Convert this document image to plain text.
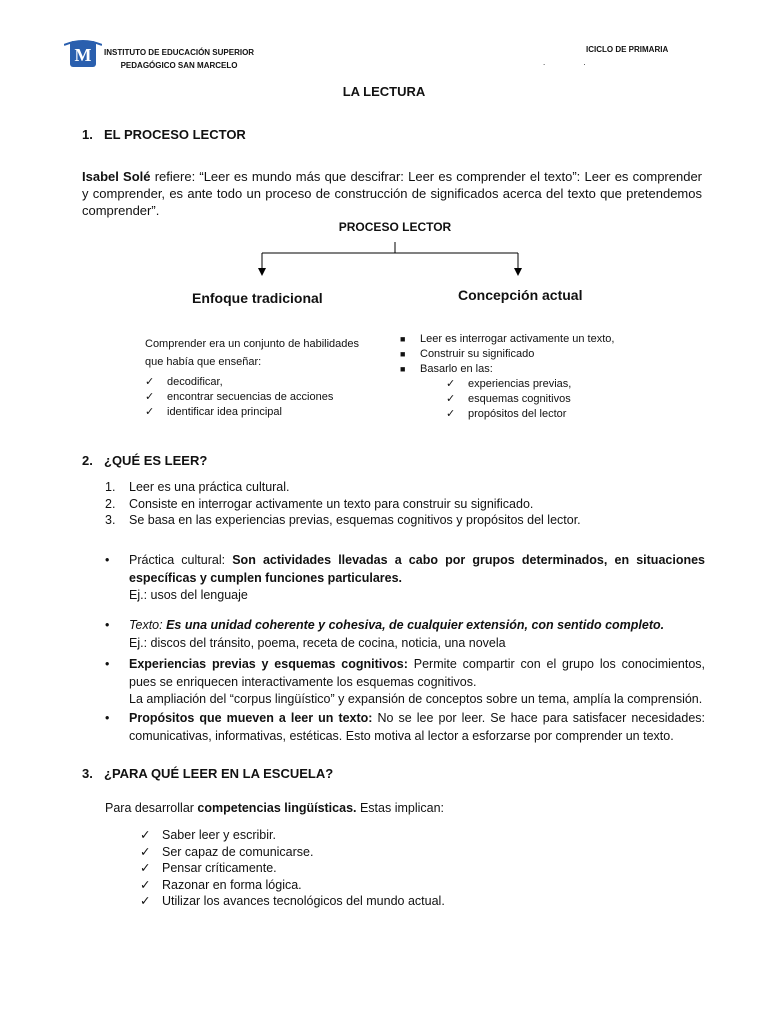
M INSTITUTO DE EDUCACIÓN SUPERIOR
PEDAGÓGICO SAN MARCELO
ICICLO DE PRIMARIA
..
LA LECTURA
1. EL PROCESO LECTOR
Isabel Solé refiere: “Leer es mundo más que descifrar: Leer es comprender el texto”: Leer es comprender y comprender, es ante todo un proceso de construcción de significados acerca del texto que pretendemos comprender”.
PROCESO LECTOR
Enfoque tradicional	Concepción actual
Comprender era un conjunto de habilidades
que había que enseñar:
✓ decodificar,
✓ encontrar secuencias de acciones
✓ identificar idea principal
■ Leer es interrogar activamente un texto,
■ Construir su significado
■ Basarlo en las:
✓ experiencias previas,
✓ esquemas cognitivos
✓ propósitos del lector
2. ¿QUÉ ES LEER?
1. Leer es una práctica cultural.
2. Consiste en interrogar activamente un texto para construir su significado.
3. Se basa en las experiencias previas, esquemas cognitivos y propósitos del lector.
• Práctica cultural: Son actividades llevadas a cabo por grupos determinados, en situaciones específicas y cumplen funciones particulares.
Ej.: usos del lenguaje
• Texto: Es una unidad coherente y cohesiva, de cualquier extensión, con sentido completo.
Ej.: discos del tránsito, poema, receta de cocina, noticia, una novela
• Experiencias previas y esquemas cognitivos: Permite compartir con el grupo los conocimientos, pues se enriquecen interactivamente los esquemas cognitivos.
La ampliación del “corpus lingüístico” y expansión de conceptos sobre un tema, amplía la comprensión.
• Propósitos que mueven a leer un texto: No se lee por leer. Se hace para satisfacer necesidades: comunicativas, informativas, estéticas. Esto motiva al lector a esforzarse por comprender un texto.
3. ¿PARA QUÉ LEER EN LA ESCUELA?
Para desarrollar competencias lingüísticas. Estas implican:
✓ Saber leer y escribir.
✓ Ser capaz de comunicarse.
✓ Pensar críticamente.
✓ Razonar en forma lógica.
✓ Utilizar los avances tecnológicos del mundo actual.
